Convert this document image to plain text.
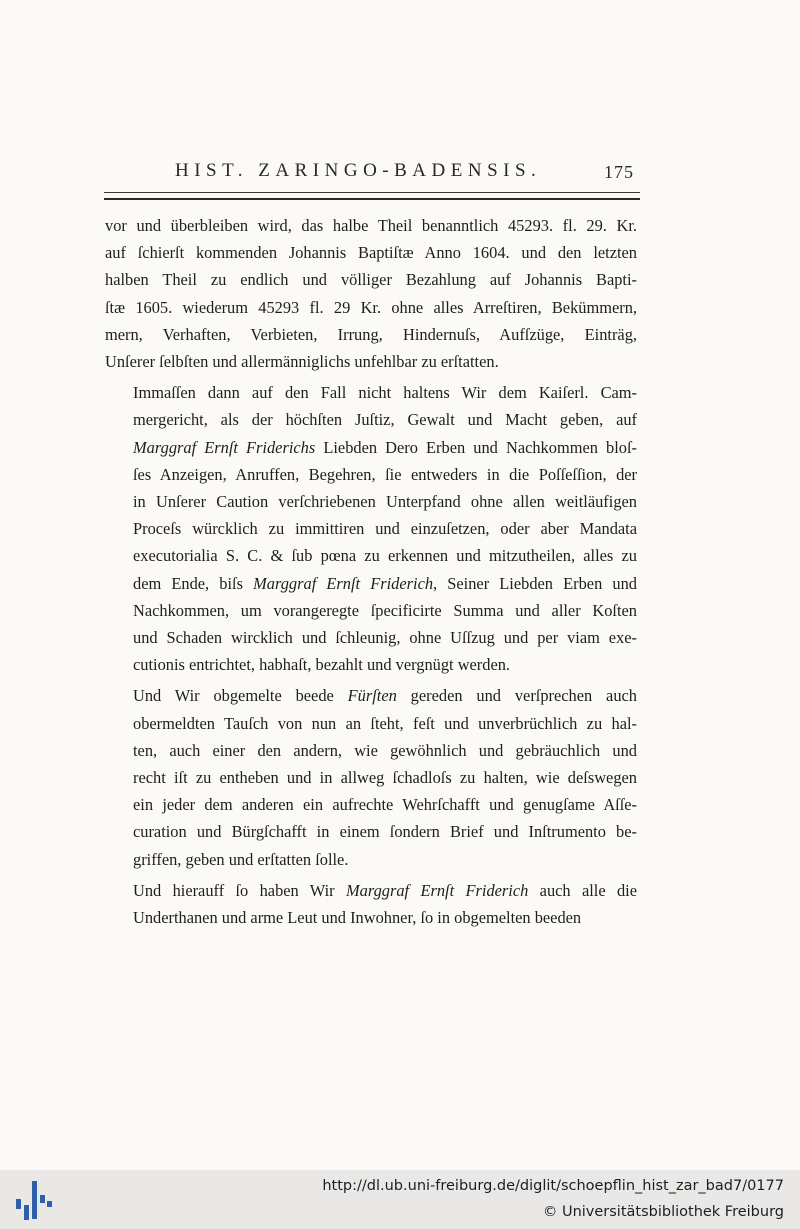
HIST. ZARINGO-BADENSIS.	175
vor und überbleiben wird, das halbe Theil benanntlich 45293. fl. 29. Kr.
auf ſchierſt kommenden Johannis Baptiſtæ Anno 1604. und den letzten
halben Theil zu endlich und völliger Bezahlung auf Johannis Bapti-
ſtæ 1605. wiederum 45293 fl. 29 Kr. ohne alles Arreſtiren, Bekümmern,
mern, Verhaften, Verbieten, Irrung, Hindernuſs, Aufſzüge, Einträg,
Unſerer ſelbſten und allermänniglichs unfehlbar zu erſtatten.
Immaſſen dann auf den Fall nicht haltens Wir dem Kaiſerl. Cam-
mergericht, als der höchſten Juſtiz, Gewalt und Macht geben, auf
Marggraf Ernſt Friderichs Liebden Dero Erben und Nachkommen bloſ-
ſes Anzeigen, Anruffen, Begehren, ſie entweders in die Poſſeſſion, der
in Unſerer Caution verſchriebenen Unterpfand ohne allen weitläufigen
Proceſs würcklich zu immittiren und einzuſetzen, oder aber Mandata
executorialia S. C. & ſub pœna zu erkennen und mitzutheilen, alles zu
dem Ende, biſs Marggraf Ernſt Friderich, Seiner Liebden Erben und
Nachkommen, um vorangeregte ſpecificirte Summa und aller Koſten
und Schaden wircklich und ſchleunig, ohne Uſſzug und per viam exe-
cutionis entrichtet, habhaſt, bezahlt und vergnügt werden.
Und Wir obgemelte beede Fürſten gereden und verſprechen auch
obermeldten Tauſch von nun an ſteht, feſt und unverbrüchlich zu hal-
ten, auch einer den andern, wie gewöhnlich und gebräuchlich und
recht iſt zu entheben und in allweg ſchadloſs zu halten, wie deſswegen
ein jeder dem anderen ein aufrechte Wehrſchafft und genugſame Aſſe-
curation und Bürgſchafft in einem ſondern Brief und Inſtrumento be-
griffen, geben und erſtatten ſolle.
Und hierauff ſo haben Wir Marggraf Ernſt Friderich auch alle die
Underthanen und arme Leut und Inwohner, ſo in obgemelten beeden
http://dl.ub.uni-freiburg.de/diglit/schoepflin_hist_zar_bad7/0177
© Universitätsbibliothek Freiburg
